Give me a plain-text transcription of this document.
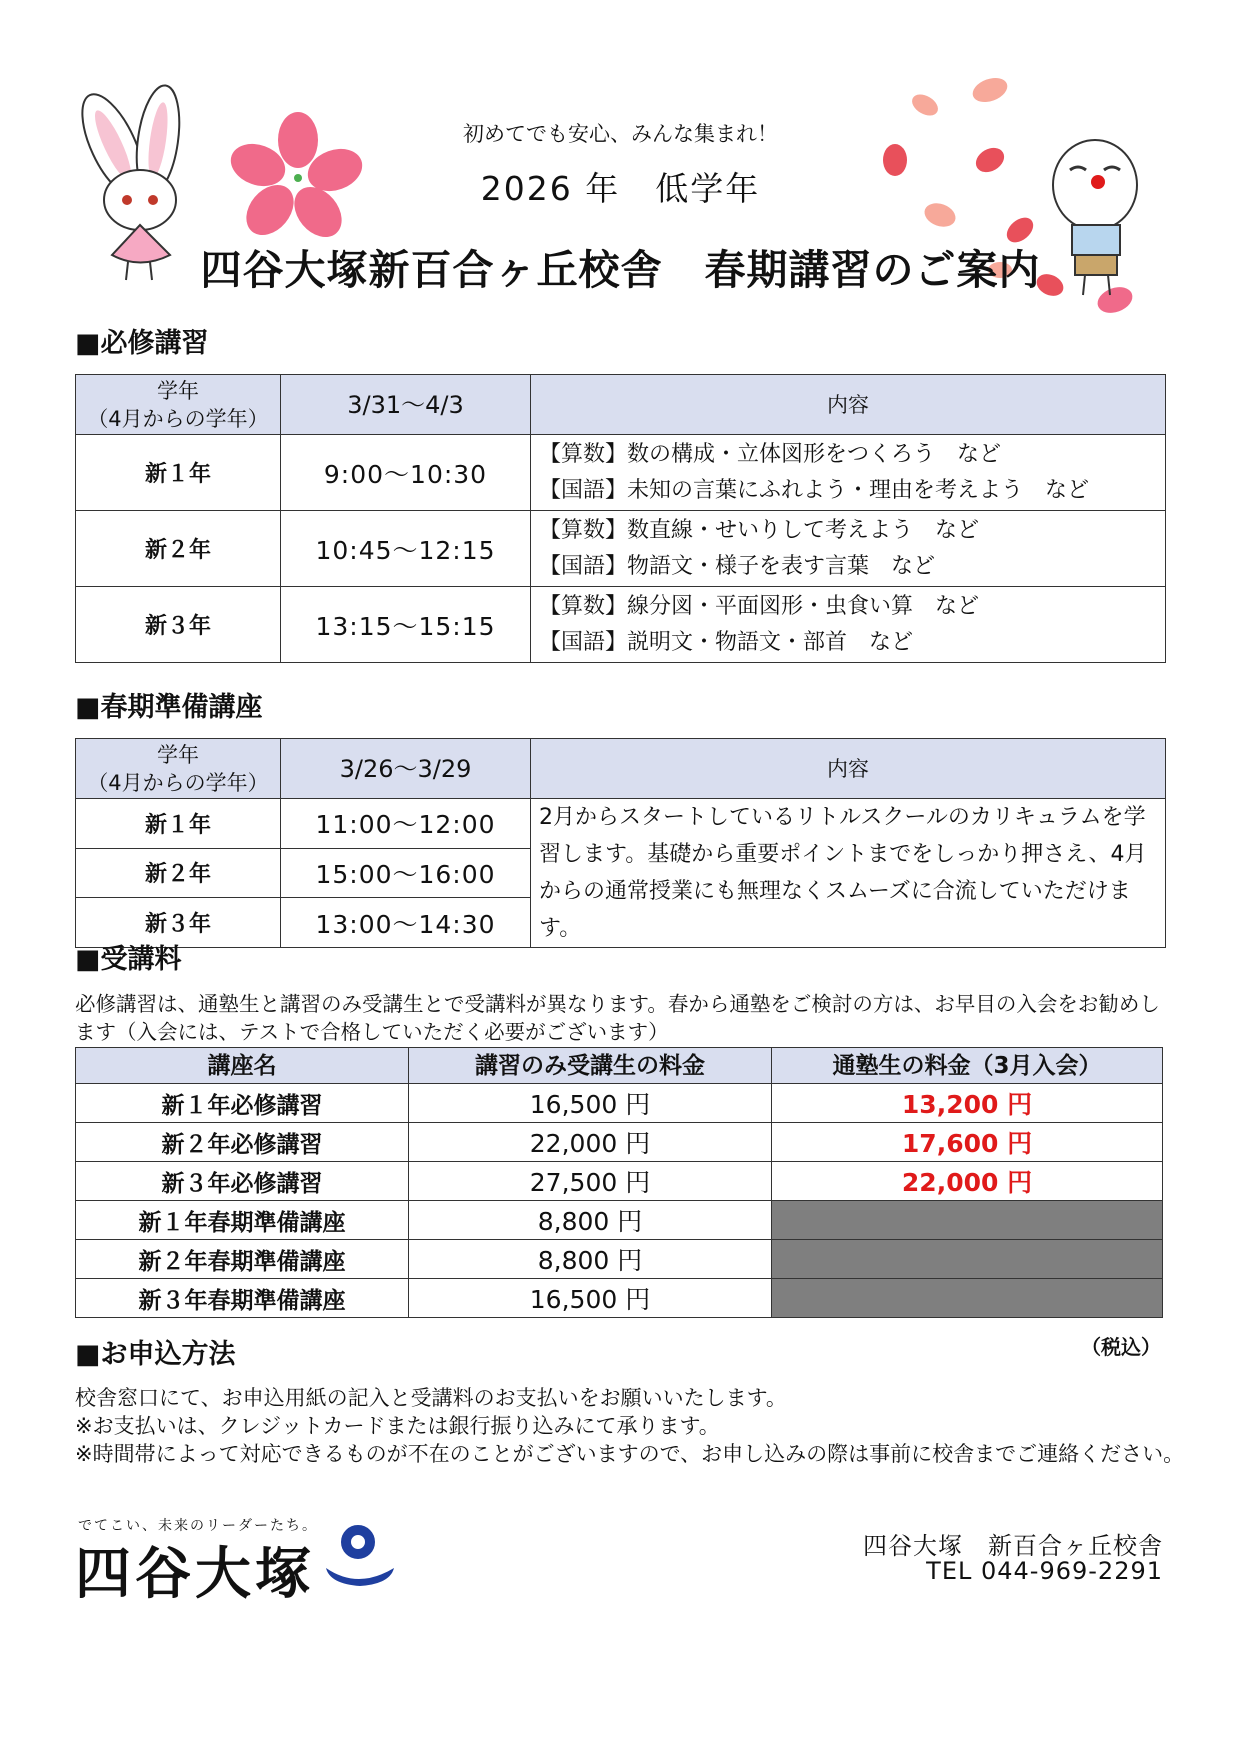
初めてでも安心、みんな集まれ！
2026 年　低学年
四谷大塚新百合ヶ丘校舎　春期講習のご案内
■必修講習
学年
（4月からの学年）	3/31～4/3	内容
新１年	9:00～10:30	【算数】数の構成・立体図形をつくろう　など

【国語】未知の言葉にふれよう・理由を考えよう　など

新２年	10:45～12:15	【算数】数直線・せいりして考えよう　など

【国語】物語文・様子を表す言葉　など

新３年	13:15～15:15	【算数】線分図・平面図形・虫食い算　など

【国語】説明文・物語文・部首　など

■春期準備講座
学年
（4月からの学年）	3/26～3/29	内容
新１年	11:00～12:00	2月からスタートしているリトルスクールのカリキュラムを学習します。基礎から重要ポイントまでをしっかり押さえ、4月からの通常授業にも無理なくスムーズに合流していただけます。
新２年	15:00～16:00	
新３年	13:00～14:30	
■受講料
必修講習は、通塾生と講習のみ受講生とで受講料が異なります。春から通塾をご検討の方は、お早目の入会をお勧めします（入会には、テストで合格していただく必要がございます）
講座名	講習のみ受講生の料金	通塾生の料金（3月入会）
新１年必修講習	16,500 円	13,200 円
新２年必修講習	22,000 円	17,600 円
新３年必修講習	27,500 円	22,000 円
新１年春期準備講座	8,800 円	
新２年春期準備講座	8,800 円	
新３年春期準備講座	16,500 円	
（税込）
■お申込方法
校舎窓口にて、お申込用紙の記入と受講料のお支払いをお願いいたします。
※お支払いは、クレジットカードまたは銀行振り込みにて承ります。
※時間帯によって対応できるものが不在のことがございますので、お申し込みの際は事前に校舎までご連絡ください。
でてこい、未来のリーダーたち。
四谷大塚	四谷大塚　新百合ヶ丘校舎
TEL 044-969-2291
